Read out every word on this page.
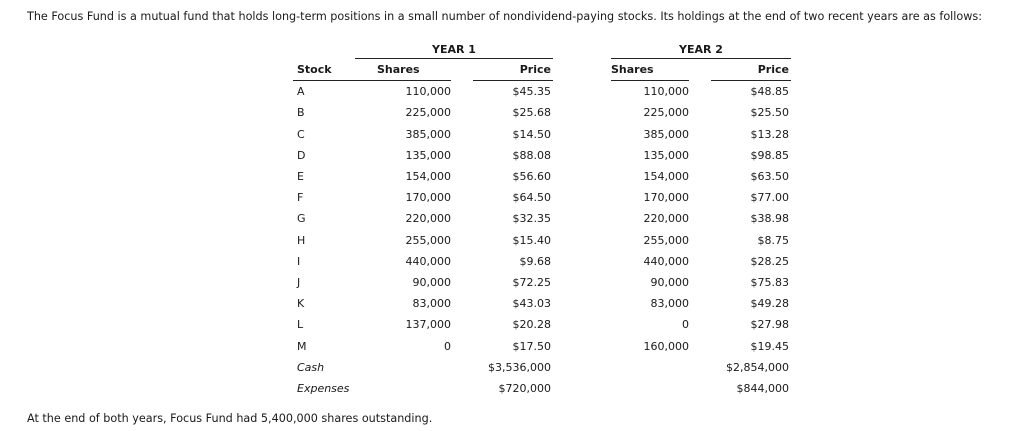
The Focus Fund is a mutual fund that holds long-term positions in a small number of nondividend-paying stocks. Its holdings at the end of two recent years are as follows:
	YEAR 1				YEAR 2		
Stock	Shares		Price		Shares		Price
A	110,000		$45.35		110,000		$48.85
B	225,000		$25.68		225,000		$25.50
C	385,000		$14.50		385,000		$13.28
D	135,000		$88.08		135,000		$98.85
E	154,000		$56.60		154,000		$63.50
F	170,000		$64.50		170,000		$77.00
G	220,000		$32.35		220,000		$38.98
H	255,000		$15.40		255,000		$8.75
I	440,000		$9.68		440,000		$28.25
J	90,000		$72.25		90,000		$75.83
K	83,000		$43.03		83,000		$49.28
L	137,000		$20.28		0		$27.98
M	0		$17.50		160,000		$19.45
Cash			$3,536,000				$2,854,000
Expenses			$720,000				$844,000
At the end of both years, Focus Fund had 5,400,000 shares outstanding.
